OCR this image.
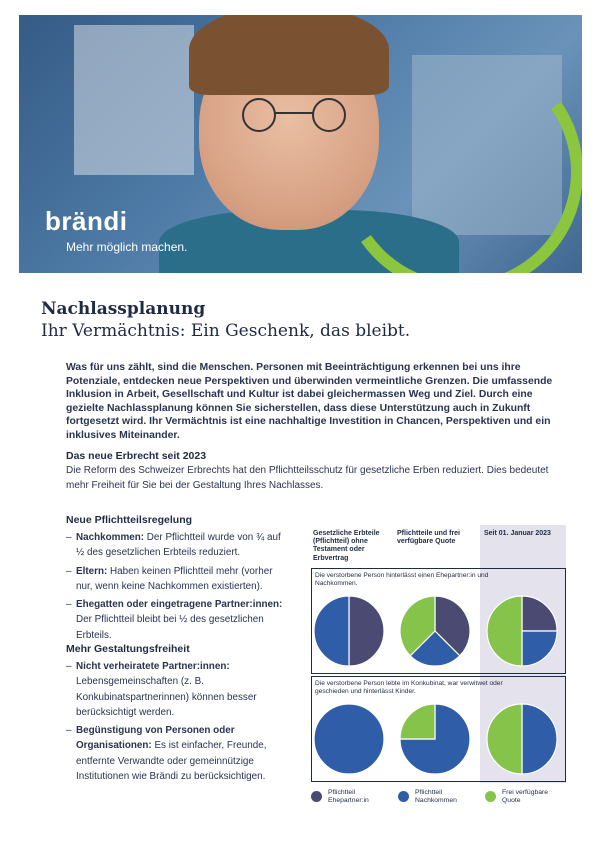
brändi
Mehr möglich machen.
Nachlassplanung
Ihr Vermächtnis: Ein Geschenk, das bleibt.

Was für uns zählt, sind die Menschen. Personen mit Beeinträchtigung erkennen bei uns ihre Potenziale, entdecken neue Perspektiven und überwinden vermeintliche Grenzen. Die umfassende Inklusion in Arbeit, Gesellschaft und Kultur ist dabei gleichermassen Weg und Ziel. Durch eine gezielte Nachlassplanung können Sie sicherstellen, dass diese Unterstützung auch in Zukunft fortgesetzt wird. Ihr Vermächtnis ist eine nachhaltige Investition in Chancen, Perspektiven und ein inklusives Miteinander.

Das neue Erbrecht seit 2023

Die Reform des Schweizer Erbrechts hat den Pflichtteilsschutz für gesetzliche Erben reduziert. Dies bedeutet mehr Freiheit für Sie bei der Gestaltung Ihres Nachlasses.

Neue Pflichtteilsregelung

– Nachkommen: Der Pflichtteil wurde von ¾ auf ½ des gesetzlichen Erbteils reduziert.
– Eltern: Haben keinen Pflichtteil mehr (vorher nur, wenn keine Nachkommen existierten).
– Ehegatten oder eingetragene Partner:innen: Der Pflichtteil bleibt bei ½ des gesetzlichen Erbteils.

Mehr Gestaltungsfreiheit

– Nicht verheiratete Partner:innen: Lebensgemeinschaften (z. B. Konkubinatspartnerinnen) können besser berücksichtigt werden.
– Begünstigung von Personen oder Organisationen: Es ist einfacher, Freunde, entfernte Verwandte oder gemeinnützige Institutionen wie Brändi zu berücksichtigen.
Gesetzliche Erbteile (Pflichtteil) ohne Testament oder Erbvertrag
Pflichtteile und frei verfügbare Quote
Seit 01. Januar 2023
Die verstorbene Person hinterlässt einen Ehepartner:in und Nachkommen.
Die verstorbene Person lebte im Konkubinat, war verwitwet oder geschieden und hinterlässt Kinder.
Pflichtteil Ehepartner:in
Pflichtteil Nachkommen
Frei verfügbare Quote
